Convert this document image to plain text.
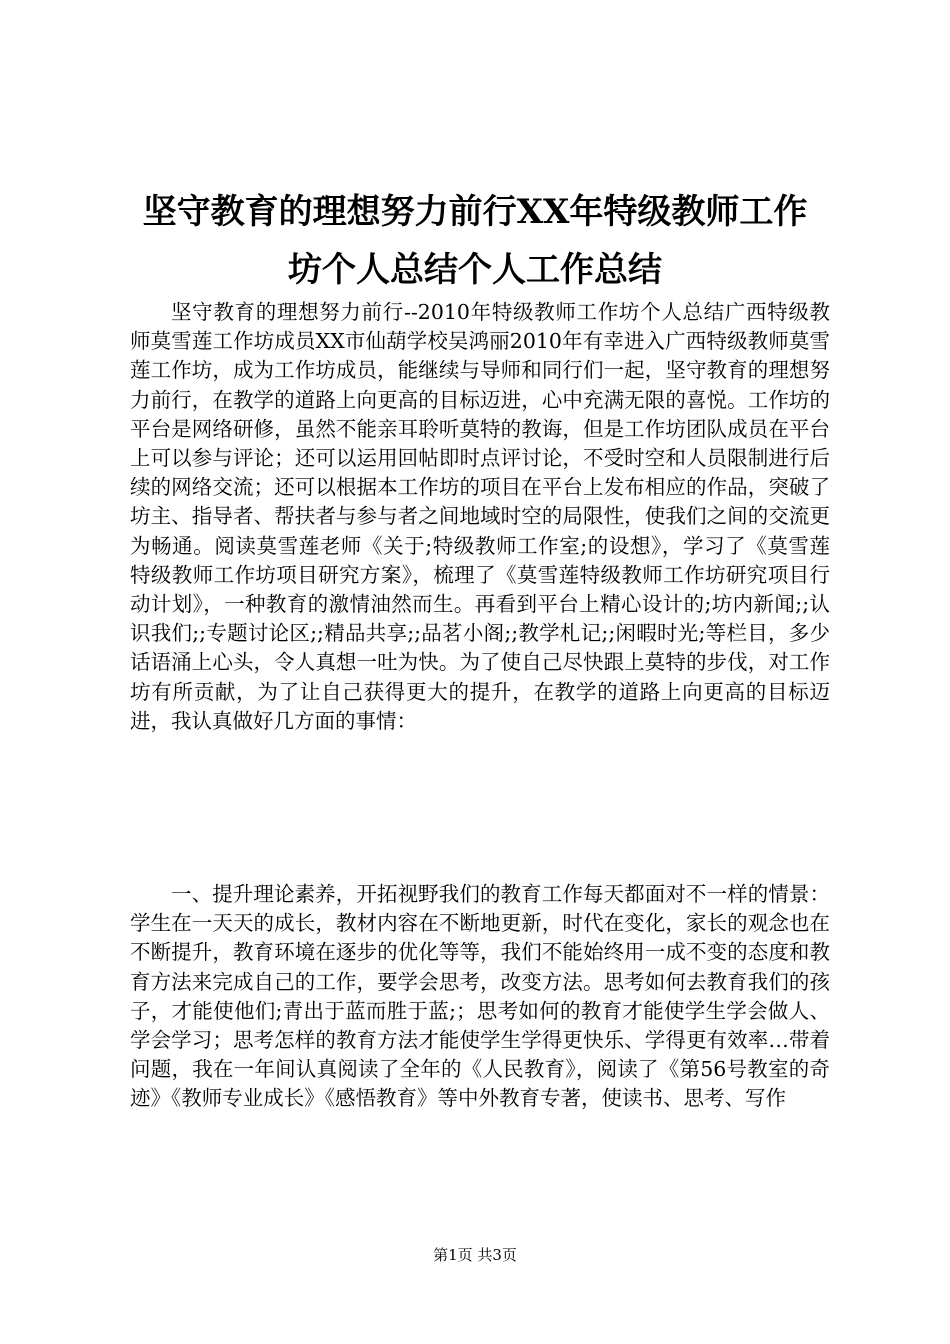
坚守教育的理想努力前行XX年特级教师工作
坊个人总结个人工作总结

坚守教育的理想努力前行--2010年特级教师工作坊个人总结广西特级教师莫雪莲工作坊成员XX市仙葫学校吴鸿丽2010年有幸进入广西特级教师莫雪莲工作坊，成为工作坊成员，能继续与导师和同行们一起，坚守教育的理想努力前行，在教学的道路上向更高的目标迈进，心中充满无限的喜悦。工作坊的平台是网络研修，虽然不能亲耳聆听莫特的教诲，但是工作坊团队成员在平台上可以参与评论；还可以运用回帖即时点评讨论，不受时空和人员限制进行后续的网络交流；还可以根据本工作坊的项目在平台上发布相应的作品，突破了坊主、指导者、帮扶者与参与者之间地域时空的局限性，使我们之间的交流更为畅通。阅读莫雪莲老师《关于;特级教师工作室;的设想》，学习了《莫雪莲特级教师工作坊项目研究方案》，梳理了《莫雪莲特级教师工作坊研究项目行动计划》，一种教育的激情油然而生。再看到平台上精心设计的;坊内新闻;;认识我们;;专题讨论区;;精品共享;;品茗小阁;;教学札记;;闲暇时光;等栏目，多少话语涌上心头，令人真想一吐为快。为了使自己尽快跟上莫特的步伐，对工作坊有所贡献，为了让自己获得更大的提升，在教学的道路上向更高的目标迈进，我认真做好几方面的事情：

一、提升理论素养，开拓视野我们的教育工作每天都面对不一样的情景：学生在一天天的成长，教材内容在不断地更新，时代在变化，家长的观念也在不断提升，教育环境在逐步的优化等等，我们不能始终用一成不变的态度和教育方法来完成自己的工作，要学会思考，改变方法。思考如何去教育我们的孩子，才能使他们;青出于蓝而胜于蓝;；思考如何的教育才能使学生学会做人、学会学习；思考怎样的教育方法才能使学生学得更快乐、学得更有效率…带着问题，我在一年间认真阅读了全年的《人民教育》，阅读了《第56号教室的奇迹》《教师专业成长》《感悟教育》等中外教育专著，使读书、思考、写作

第1页 共3页
